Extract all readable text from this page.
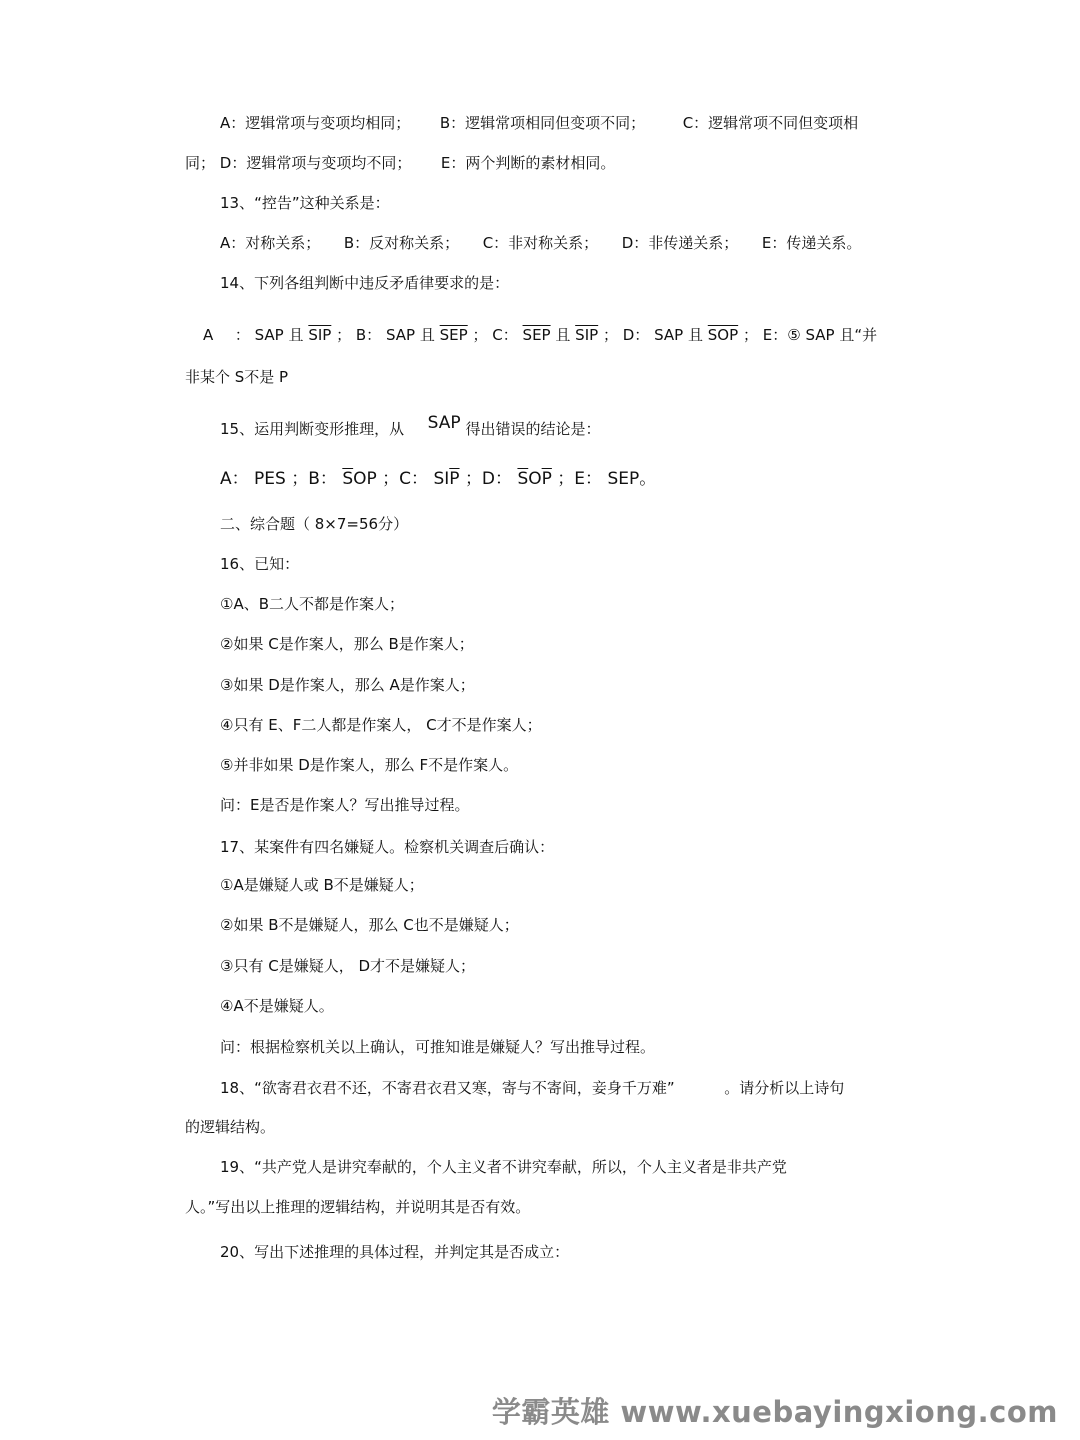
A：逻辑常项与变项均相同； B：逻辑常项相同但变项不同；	C：逻辑常项不同但变项相
同； D：逻辑常项与变项均不同； E：两个判断的素材相同。
13、“控告”这种关系是：
A：对称关系； B：反对称关系； C：非对称关系； D：非传递关系； E：传递关系。
14、下列各组判断中违反矛盾律要求的是：
A ： SAP 且 $\overline{SIP}$ ； B： SAP 且 $\overline{SEP}$ ； C： $\overline{SEP}$ 且 $\overline{SIP}$ ； D： SAP 且 $\overline{SOP}$ ； E：⑤ SAP 且“并
非某个 S不是 P
15、运用判断变形推理，从 SAP 得出错误的结论是：
A： PES ；B： $\overline{S}OP$ ；C： $SI\overline{P}$ ；D： $\overline{S}O\overline{P}$ ；E： SEP。
二、综合题（ 8×7=56分）
16、已知：
①A、B二人不都是作案人；
②如果 C是作案人，那么 B是作案人；
③如果 D是作案人，那么 A是作案人；
④只有 E、F二人都是作案人， C才不是作案人；
⑤并非如果 D是作案人，那么 F不是作案人。
问：E是否是作案人？写出推导过程。
17、某案件有四名嫌疑人。检察机关调查后确认：
①A是嫌疑人或 B不是嫌疑人；
②如果 B不是嫌疑人，那么 C也不是嫌疑人；
③只有 C是嫌疑人， D才不是嫌疑人；
④A不是嫌疑人。
问：根据检察机关以上确认，可推知谁是嫌疑人？写出推导过程。
18、“欲寄君衣君不还，不寄君衣君又寒，寄与不寄间，妾身千万难”	。请分析以上诗句
的逻辑结构。
19、“共产党人是讲究奉献的，个人主义者不讲究奉献，所以，个人主义者是非共产党
人。”写出以上推理的逻辑结构，并说明其是否有效。
20、写出下述推理的具体过程，并判定其是否成立：
学霸英雄 www.xuebayingxiong.com
